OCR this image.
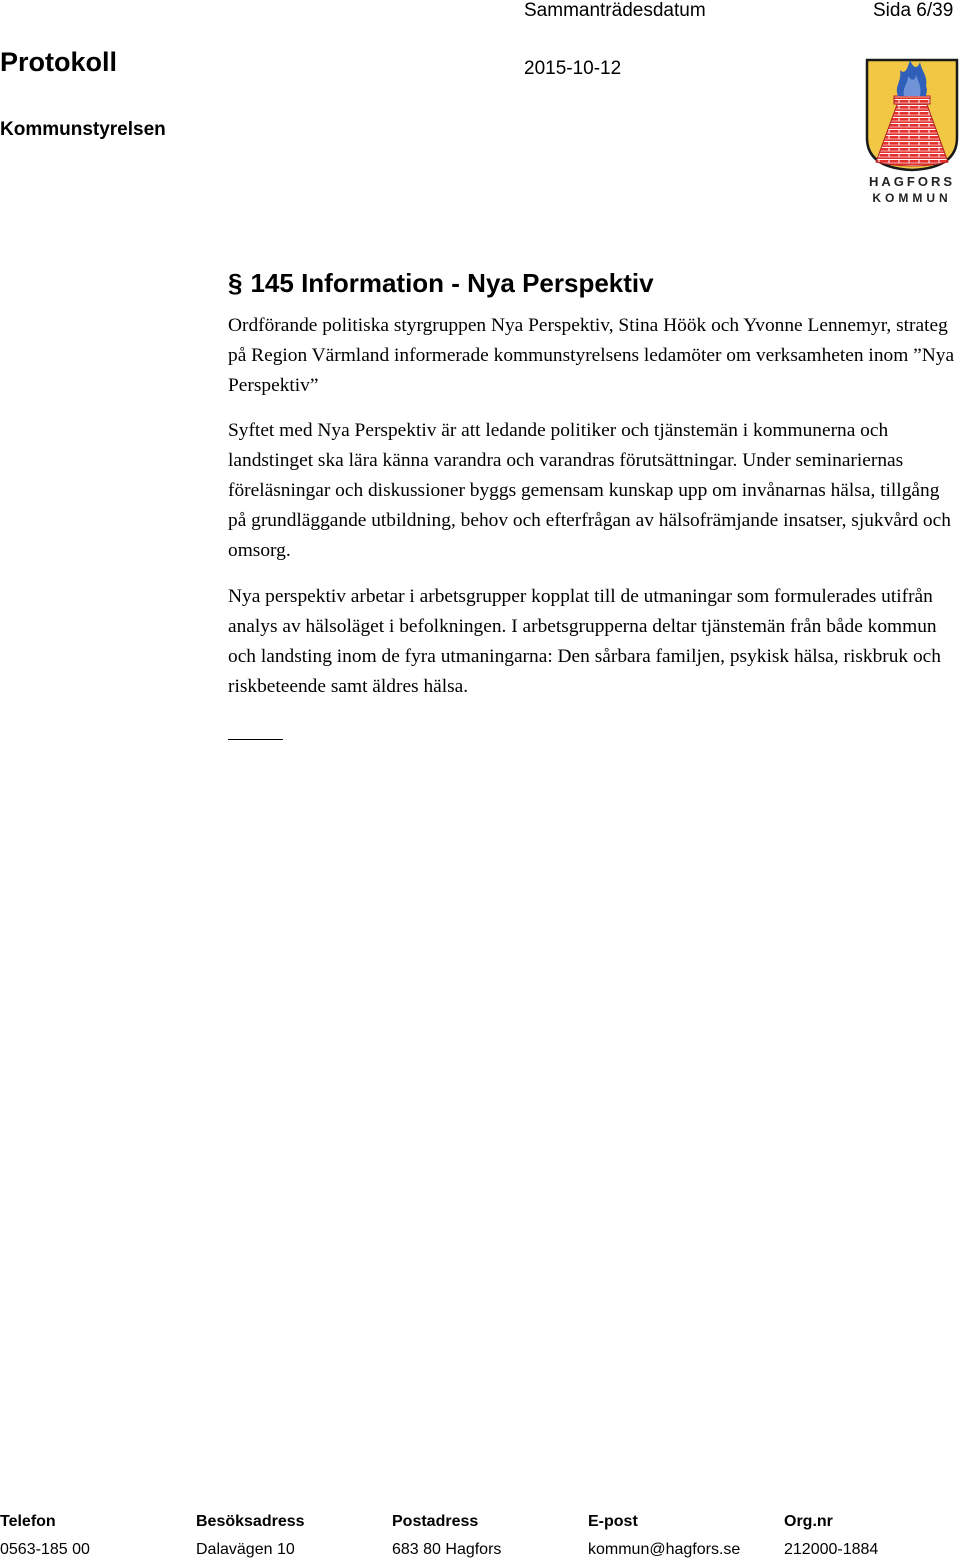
Sammanträdesdatum	Sida 6/39
Protokoll	2015-10-12
Kommunstyrelsen
HAGFORS
KOMMUN
§ 145 Information - Nya Perspektiv

Ordförande politiska styrgruppen Nya Perspektiv, Stina Höök och Yvonne Lennemyr, strateg på Region Värmland informerade kommunstyrelsens ledamöter om verksamheten inom ”Nya Perspektiv”

Syftet med Nya Perspektiv är att ledande politiker och tjänstemän i kommunerna och landstinget ska lära känna varandra och varandras förutsättningar. Under seminariernas föreläsningar och diskussioner byggs gemensam kunskap upp om invånarnas hälsa, tillgång på grundläggande utbildning, behov och efterfrågan av hälsofrämjande insatser, sjukvård och omsorg.

Nya perspektiv arbetar i arbetsgrupper kopplat till de utmaningar som formulerades utifrån analys av hälsoläget i befolkningen. I arbetsgrupperna deltar tjänstemän från både kommun och landsting inom de fyra utmaningarna: Den sårbara familjen, psykisk hälsa, riskbruk och riskbeteende samt äldres hälsa.

Telefon
0563-185 00
Besöksadress
Dalavägen 10
Postadress
683 80 Hagfors
E-post
kommun@hagfors.se
Org.nr
212000-1884
